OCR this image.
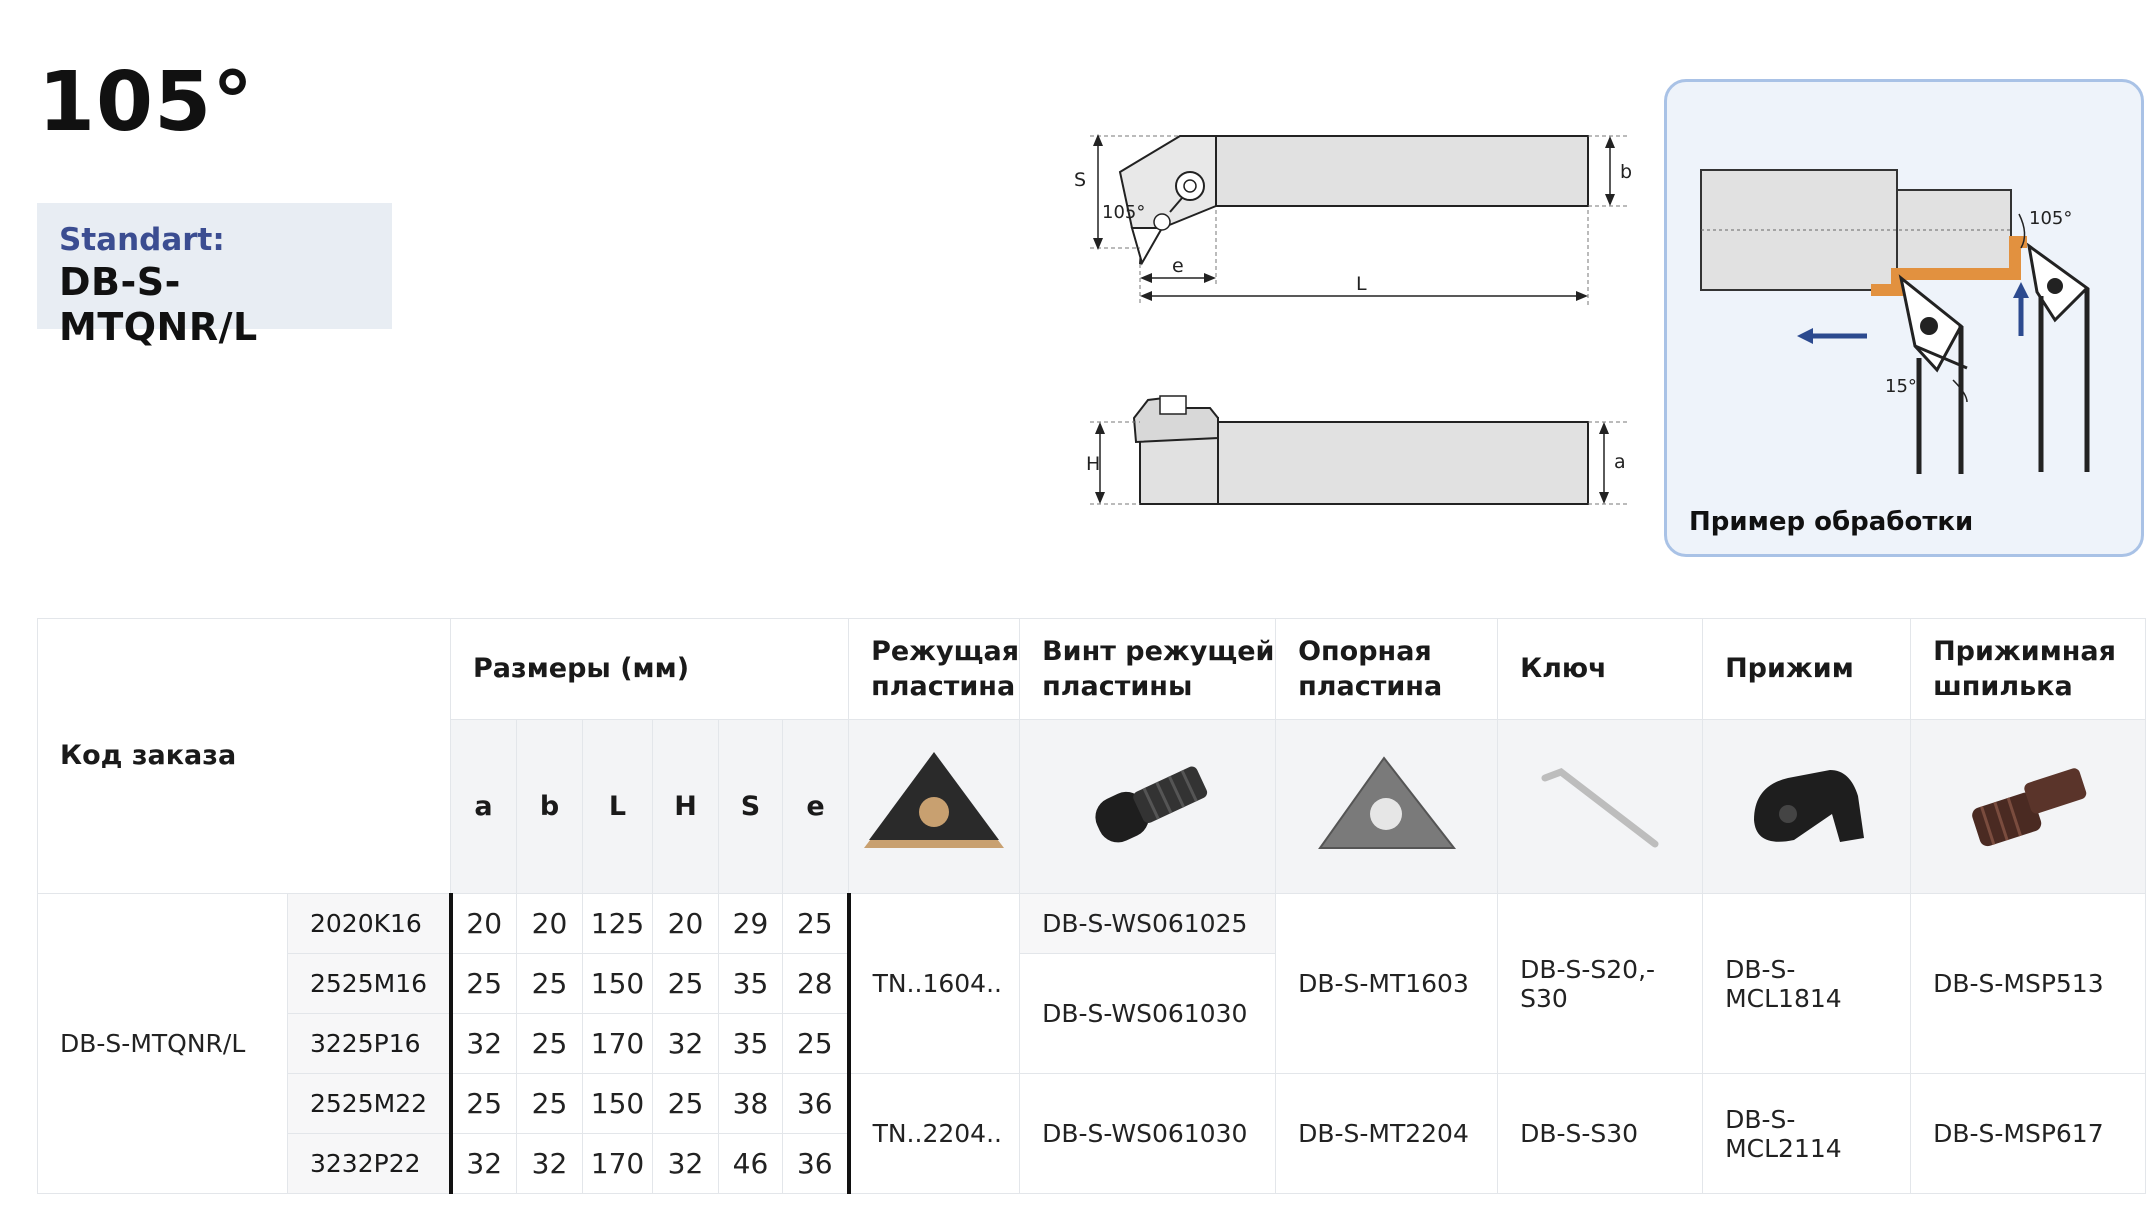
105°
Standart:
DB-S-MTQNR/L
S
105°
b
e
L
H	a
105°
15°
Пример обработки
Код заказа		Размеры (мм)						Режущая пластина	Винт режущей пластины	Опорная пластина	Ключ	Прижим	Прижимная шпилька
		a	b	L	H	S	e						
DB-S-MTQNR/L	2020K16	20	20	125	20	29	25	TN..1604..	DB-S-WS061025	DB-S-MT1603	DB-S-S20,-S30	DB-S-MCL1814	DB-S-MSP513
	2525M16	25	25	150	25	35	28		DB-S-WS061030				
	3225P16	32	25	170	32	35	25						
	2525M22	25	25	150	25	38	36	TN..2204..	DB-S-WS061030	DB-S-MT2204	DB-S-S30	DB-S-MCL2114	DB-S-MSP617
	3232P22	32	32	170	32	46	36						
